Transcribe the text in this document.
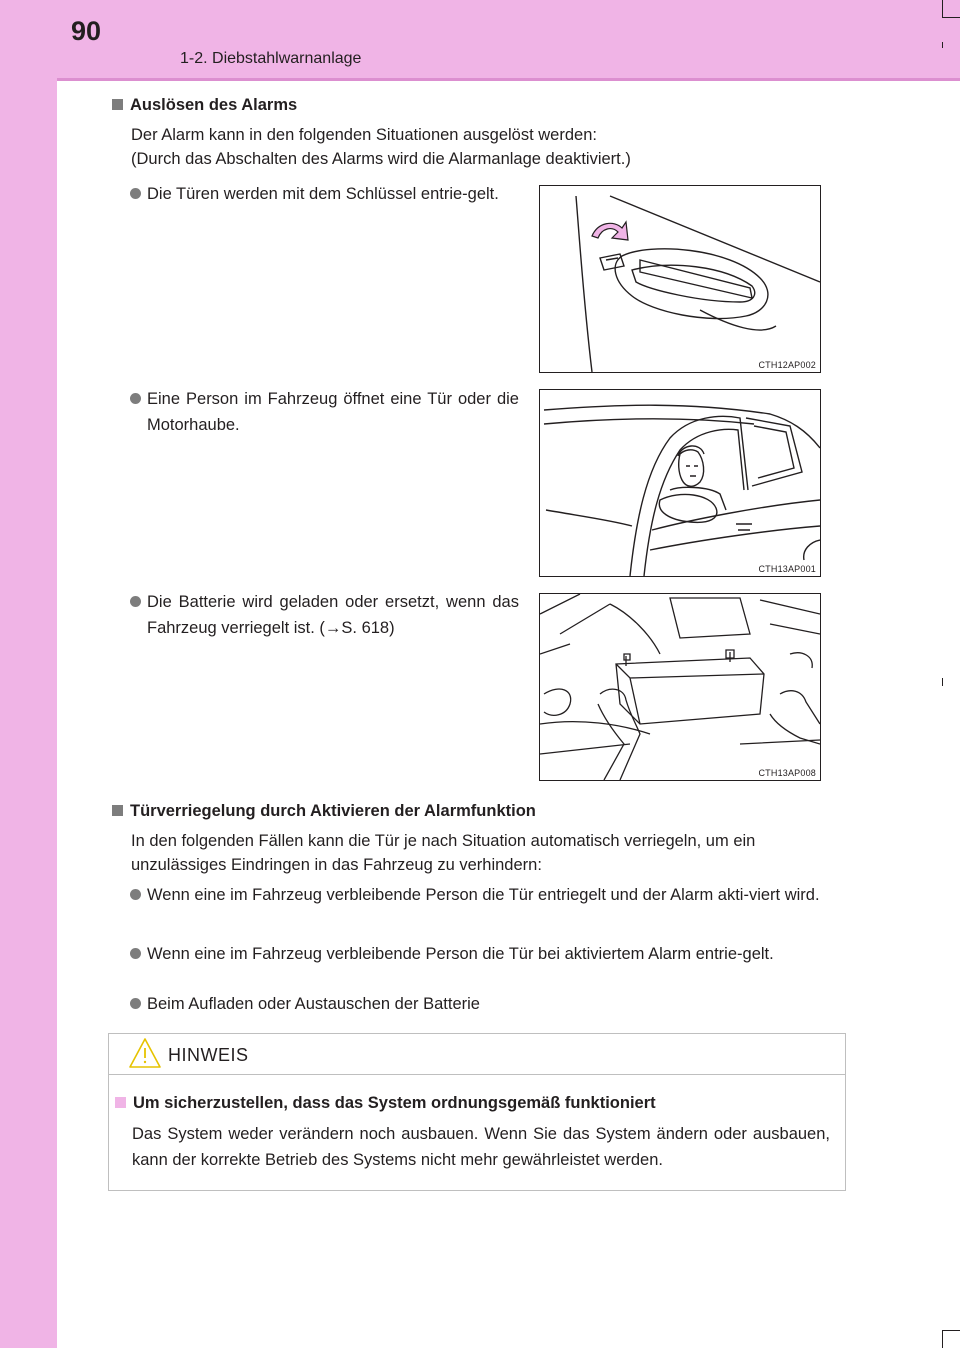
90
1-2. Diebstahlwarnanlage
Auslösen des Alarms
Der Alarm kann in den folgenden Situationen ausgelöst werden:
(Durch das Abschalten des Alarms wird die Alarmanlage deaktiviert.)
Die Türen werden mit dem Schlüssel entrie-gelt.
Eine Person im Fahrzeug öffnet eine Tür oder die Motorhaube.
Die Batterie wird geladen oder ersetzt, wenn das Fahrzeug verriegelt ist. (→S. 618)
CTH12AP002
CTH13AP001
CTH13AP008
Türverriegelung durch Aktivieren der Alarmfunktion
In den folgenden Fällen kann die Tür je nach Situation automatisch verriegeln, um ein
unzulässiges Eindringen in das Fahrzeug zu verhindern:
Wenn eine im Fahrzeug verbleibende Person die Tür entriegelt und der Alarm akti-viert wird.
Wenn eine im Fahrzeug verbleibende Person die Tür bei aktiviertem Alarm entrie-gelt.
Beim Aufladen oder Austauschen der Batterie
HINWEIS
Um sicherzustellen, dass das System ordnungsgemäß funktioniert
Das System weder verändern noch ausbauen. Wenn Sie das System ändern oder ausbauen, kann der korrekte Betrieb des Systems nicht mehr gewährleistet werden.
